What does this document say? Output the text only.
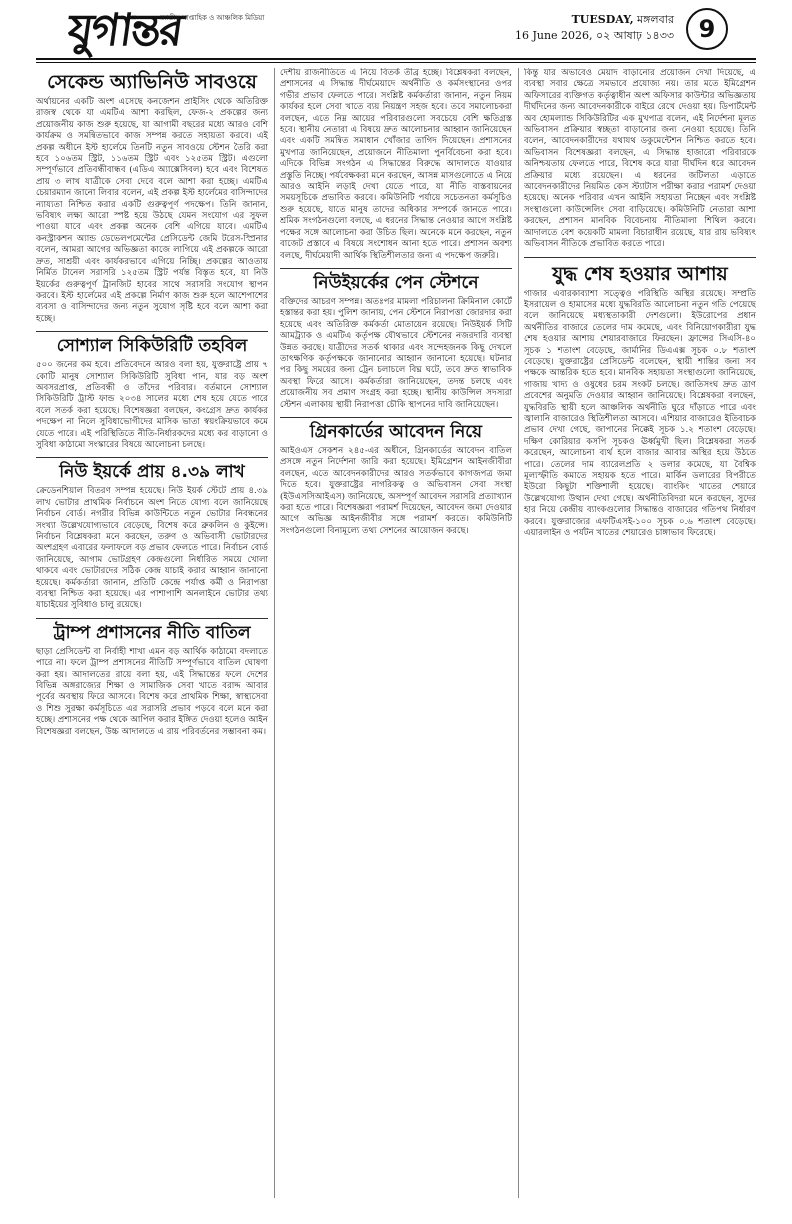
যুগান্তর
জাতীয় সাপ্তাহিক ও আঞ্চলিক মিডিয়া	TUESDAY, মঙ্গলবার
16 June 2026, ০২ আষাঢ় ১৪৩৩	9
সেকেন্ড অ্যাভিনিউ সাবওয়ে

অর্থায়নের একটি অংশ এসেছে কনজেশন প্রাইসিং থেকে অতিরিক্ত রাজস্ব থেকে যা এমটিএ আশা করছিল, ফেজ-২ প্রকল্পের জন্য প্রয়োজনীয় কাজ শুরু হয়েছে, যা আগামী বছরের মধ্যে আরও বেশি কার্যক্রম ও সমন্বিতভাবে কাজ সম্পন্ন করতে সহায়তা করবে। এই প্রকল্প অধীনে ইস্ট হার্লেমে তিনটি নতুন সাবওয়ে স্টেশন তৈরি করা হবে ১০৬তম স্ট্রিট, ১১৬তম স্ট্রিট এবং ১২৫তম স্ট্রিট। এগুলো সম্পূর্ণভাবে প্রতিবন্ধীবান্ধব (এডিএ অ্যাক্সেসিবল) হবে এবং বিশেষত প্রায় ৩ লাখ যাত্রীকে সেবা দেবে বলে আশা করা হচ্ছে। এমটিএ চেয়ারম্যান জানো লিবার বলেন, এই প্রকল্প ইস্ট হার্লেমের বাসিন্দাদের ন্যায্যতা নিশ্চিত করার একটি গুরুত্বপূর্ণ পদক্ষেপ। তিনি জানান, ভবিষ্যৎ লক্ষ্য আরো স্পষ্ট হয়ে উঠছে যেমন সংযোগ এর সুফল পাওয়া যাবে এবং প্রকল্প অনেক বেশি এগিয়ে যাবে। এমটিএ কনস্ট্রাকশন অ্যান্ড ডেভেলপমেন্টের প্রেসিডেন্ট জেমি টরেস-স্প্রিনার বলেন, আমরা আগের অভিজ্ঞতা কাজে লাগিয়ে এই প্রকল্পকে আরো দ্রুত, সাশ্রয়ী এবং কার্যকরভাবে এগিয়ে নিচ্ছি। প্রকল্পের আওতায় নির্মিত টানেল সরাসরি ১২৫তম স্ট্রিট পর্যন্ত বিস্তৃত হবে, যা নিউ ইয়র্কের গুরুত্বপূর্ণ ট্রানজিট হাবের সাথে সরাসরি সংযোগ স্থাপন করবে। ইস্ট হার্লেমের এই প্রকল্পে নির্মাণ কাজ শুরু হলে আশেপাশের ব্যবসা ও বাসিন্দাদের জন্য নতুন সুযোগ সৃষ্টি হবে বলে আশা করা হচ্ছে।

সোশ্যাল সিকিউরিটি তহবিল

৫০০ জনের কম হবে। প্রতিবেদনে আরও বলা হয়, যুক্তরাষ্ট্রে প্রায় ৭ কোটি মানুষ সোশ্যাল সিকিউরিটি সুবিধা পান, যার বড় অংশ অবসরপ্রাপ্ত, প্রতিবন্ধী ও তাঁদের পরিবার। বর্তমানে সোশ্যাল সিকিউরিটি ট্রাস্ট ফান্ড ২০৩৪ সালের মধ্যে শেষ হয়ে যেতে পারে বলে সতর্ক করা হয়েছে। বিশেষজ্ঞরা বলছেন, কংগ্রেস দ্রুত কার্যকর পদক্ষেপ না নিলে সুবিধাভোগীদের মাসিক ভাতা স্বয়ংক্রিয়ভাবে কমে যেতে পারে। এই পরিস্থিতিতে নীতি-নির্ধারকদের মধ্যে কর বাড়ানো ও সুবিধা কাঠামো সংস্কারের বিষয়ে আলোচনা চলছে।

নিউ ইয়র্কে প্রায় ৪.৩৯ লাখ

ক্রেডেনশিয়াল বিতরণ সম্পন্ন হয়েছে। নিউ ইয়র্ক স্টেটে প্রায় ৪.৩৯ লাখ ভোটার প্রাথমিক নির্বাচনে অংশ নিতে যোগ্য বলে জানিয়েছে নির্বাচন বোর্ড। নগরীর বিভিন্ন কাউন্টিতে নতুন ভোটার নিবন্ধনের সংখ্যা উল্লেখযোগ্যভাবে বেড়েছে, বিশেষ করে ব্রুকলিন ও কুইন্সে। নির্বাচন বিশ্লেষকরা মনে করছেন, তরুণ ও অভিবাসী ভোটারদের অংশগ্রহণ এবারের ফলাফলে বড় প্রভাব ফেলতে পারে। নির্বাচন বোর্ড জানিয়েছে, আগাম ভোটগ্রহণ কেন্দ্রগুলো নির্ধারিত সময়ে খোলা থাকবে এবং ভোটারদের সঠিক কেন্দ্র যাচাই করার আহ্বান জানানো হয়েছে। কর্মকর্তারা জানান, প্রতিটি কেন্দ্রে পর্যাপ্ত কর্মী ও নিরাপত্তা ব্যবস্থা নিশ্চিত করা হয়েছে। এর পাশাপাশি অনলাইনে ভোটার তথ্য যাচাইয়ের সুবিধাও চালু রয়েছে।

ট্রাম্প প্রশাসনের নীতি বাতিল

ছাড়া প্রেসিডেন্ট বা নির্বাহী শাখা এমন বড় আর্থিক কাঠামো বদলাতে পারে না। ফলে ট্রাম্প প্রশাসনের নীতিটি সম্পূর্ণভাবে বাতিল ঘোষণা করা হয়। আদালতের রায়ে বলা হয়, এই সিদ্ধান্তের ফলে দেশের বিভিন্ন অঙ্গরাজ্যের শিক্ষা ও সামাজিক সেবা খাতে বরাদ্দ আবার পূর্বের অবস্থায় ফিরে আসবে। বিশেষ করে প্রাথমিক শিক্ষা, স্বাস্থ্যসেবা ও শিশু সুরক্ষা কর্মসূচিতে এর সরাসরি প্রভাব পড়বে বলে মনে করা হচ্ছে। প্রশাসনের পক্ষ থেকে আপিল করার ইঙ্গিত দেওয়া হলেও আইন বিশেষজ্ঞরা বলছেন, উচ্চ আদালতে এ রায় পরিবর্তনের সম্ভাবনা কম।

দেশীয় রাজনীতিতে এ নিয়ে বিতর্ক তীব্র হচ্ছে। বিশ্লেষকরা বলছেন, প্রশাসনের এ সিদ্ধান্ত দীর্ঘমেয়াদে অর্থনীতি ও কর্মসংস্থানের ওপর গভীর প্রভাব ফেলতে পারে। সংশ্লিষ্ট কর্মকর্তারা জানান, নতুন নিয়ম কার্যকর হলে সেবা খাতে ব্যয় নিয়ন্ত্রণ সহজ হবে। তবে সমালোচকরা বলছেন, এতে নিম্ন আয়ের পরিবারগুলো সবচেয়ে বেশি ক্ষতিগ্রস্ত হবে। স্থানীয় নেতারা এ বিষয়ে দ্রুত আলোচনার আহ্বান জানিয়েছেন এবং একটি সমন্বিত সমাধান খোঁজার তাগিদ দিয়েছেন। প্রশাসনের মুখপাত্র জানিয়েছেন, প্রয়োজনে নীতিমালা পুনর্বিবেচনা করা হবে। এদিকে বিভিন্ন সংগঠন এ সিদ্ধান্তের বিরুদ্ধে আদালতে যাওয়ার প্রস্তুতি নিচ্ছে। পর্যবেক্ষকরা মনে করছেন, আসন্ন মাসগুলোতে এ নিয়ে আরও আইনি লড়াই দেখা যেতে পারে, যা নীতি বাস্তবায়নের সময়সূচিকে প্রভাবিত করবে। কমিউনিটি পর্যায়ে সচেতনতা কর্মসূচিও শুরু হয়েছে, যাতে মানুষ তাদের অধিকার সম্পর্কে জানতে পারে। শ্রমিক সংগঠনগুলো বলছে, এ ধরনের সিদ্ধান্ত নেওয়ার আগে সংশ্লিষ্ট পক্ষের সঙ্গে আলোচনা করা উচিত ছিল। অনেকে মনে করছেন, নতুন বাজেট প্রস্তাবে এ বিষয়ে সংশোধন আনা হতে পারে। প্রশাসন অবশ্য বলছে, দীর্ঘমেয়াদী আর্থিক স্থিতিশীলতার জন্য এ পদক্ষেপ জরুরি।

নিউইয়র্কের পেন স্টেশনে

বক্তিদের আচরণ সম্পন্ন। অতঃপর মামলা পরিচালনা ক্রিমিনাল কোর্টে হস্তান্তর করা হয়। পুলিশ জানায়, পেন স্টেশনে নিরাপত্তা জোরদার করা হয়েছে এবং অতিরিক্ত কর্মকর্তা মোতায়েন রয়েছে। নিউইয়র্ক সিটি আমট্র্যাক ও এমটিএ কর্তৃপক্ষ যৌথভাবে স্টেশনের নজরদারি ব্যবস্থা উন্নত করছে। যাত্রীদের সতর্ক থাকার এবং সন্দেহজনক কিছু দেখলে তাৎক্ষণিক কর্তৃপক্ষকে জানানোর আহ্বান জানানো হয়েছে। ঘটনার পর কিছু সময়ের জন্য ট্রেন চলাচলে বিঘ্ন ঘটে, তবে দ্রুত স্বাভাবিক অবস্থা ফিরে আসে। কর্মকর্তারা জানিয়েছেন, তদন্ত চলছে এবং প্রয়োজনীয় সব প্রমাণ সংগ্রহ করা হচ্ছে। স্থানীয় কাউন্সিল সদস্যরা স্টেশন এলাকায় স্থায়ী নিরাপত্তা চৌকি স্থাপনের দাবি জানিয়েছেন।

গ্রিনকার্ডের আবেদন নিয়ে

আইওএস সেকশন ২৪৫-এর অধীনে, গ্রিনকার্ডের আবেদন বাতিল প্রসঙ্গে নতুন নির্দেশনা জারি করা হয়েছে। ইমিগ্রেশন আইনজীবীরা বলছেন, এতে আবেদনকারীদের আরও সতর্কভাবে কাগজপত্র জমা দিতে হবে। যুক্তরাষ্ট্রের নাগরিকত্ব ও অভিবাসন সেবা সংস্থা (ইউএসসিআইএস) জানিয়েছে, অসম্পূর্ণ আবেদন সরাসরি প্রত্যাখ্যান করা হতে পারে। বিশেষজ্ঞরা পরামর্শ দিয়েছেন, আবেদন জমা দেওয়ার আগে অভিজ্ঞ আইনজীবীর সঙ্গে পরামর্শ করতে। কমিউনিটি সংগঠনগুলো বিনামূল্যে তথ্য সেশনের আয়োজন করছে।

কিন্তু যার অভাবেও মেয়াদ বাড়ানোর প্রয়োজন দেখা দিয়েছে, এ ব্যবস্থা সবার ক্ষেত্রে সমভাবে প্রযোজ্য নয়। তার মতে ইমিগ্রেশন অফিসারের ব্যক্তিগত কর্তৃত্বাধীন অংশ অফিসার কাউন্টার অভিজ্ঞতায় দীর্ঘদিনের জন্য আবেদনকারীকে বাইরে রেখে দেওয়া হয়। ডিপার্টমেন্ট অব হোমল্যান্ড সিকিউরিটির এক মুখপাত্র বলেন, এই নির্দেশনা মূলত অভিবাসন প্রক্রিয়ার স্বচ্ছতা বাড়ানোর জন্য নেওয়া হয়েছে। তিনি বলেন, আবেদনকারীদের যথাযথ ডকুমেন্টেশন নিশ্চিত করতে হবে। অভিবাসন বিশেষজ্ঞরা বলছেন, এ সিদ্ধান্ত হাজারো পরিবারকে অনিশ্চয়তায় ফেলতে পারে, বিশেষ করে যারা দীর্ঘদিন ধরে আবেদন প্রক্রিয়ার মধ্যে রয়েছেন। এ ধরনের জটিলতা এড়াতে আবেদনকারীদের নিয়মিত কেস স্ট্যাটাস পরীক্ষা করার পরামর্শ দেওয়া হয়েছে। অনেক পরিবার এখন আইনি সহায়তা নিচ্ছেন এবং সংশ্লিষ্ট সংস্থাগুলো কাউন্সেলিং সেবা বাড়িয়েছে। কমিউনিটি নেতারা আশা করছেন, প্রশাসন মানবিক বিবেচনায় নীতিমালা শিথিল করবে। আদালতে বেশ কয়েকটি মামলা বিচারাধীন রয়েছে, যার রায় ভবিষ্যৎ অভিবাসন নীতিকে প্রভাবিত করতে পারে।

যুদ্ধ শেষ হওয়ার আশায়

গাজার এবারকাব্যাশা সত্ত্বেও পরিস্থিতি অস্থির রয়েছে। সম্প্রতি ইসরায়েল ও হামাসের মধ্যে যুদ্ধবিরতি আলোচনা নতুন গতি পেয়েছে বলে জানিয়েছে মধ্যস্থতাকারী দেশগুলো। ইউরোপের প্রধান অর্থনীতির বাজারে তেলের দাম কমেছে, এবং বিনিয়োগকারীরা যুদ্ধ শেষ হওয়ার আশায় শেয়ারবাজারে ফিরছেন। ফ্রান্সের সিএসি-৪০ সূচক ১ শতাংশ বেড়েছে, জার্মানির ডিএএক্স সূচক ০.৮ শতাংশ বেড়েছে। যুক্তরাষ্ট্রের প্রেসিডেন্ট বলেছেন, স্থায়ী শান্তির জন্য সব পক্ষকে আন্তরিক হতে হবে। মানবিক সহায়তা সংস্থাগুলো জানিয়েছে, গাজায় খাদ্য ও ওষুধের চরম সংকট চলছে। জাতিসংঘ দ্রুত ত্রাণ প্রবেশের অনুমতি দেওয়ার আহ্বান জানিয়েছে। বিশ্লেষকরা বলছেন, যুদ্ধবিরতি স্থায়ী হলে আঞ্চলিক অর্থনীতি ঘুরে দাঁড়াতে পারে এবং জ্বালানি বাজারেও স্থিতিশীলতা আসবে। এশিয়ার বাজারেও ইতিবাচক প্রভাব দেখা গেছে, জাপানের নিক্কেই সূচক ১.২ শতাংশ বেড়েছে। দক্ষিণ কোরিয়ার কসপি সূচকও ঊর্ধ্বমুখী ছিল। বিশ্লেষকরা সতর্ক করেছেন, আলোচনা ব্যর্থ হলে বাজার আবার অস্থির হয়ে উঠতে পারে। তেলের দাম ব্যারেলপ্রতি ২ ডলার কমেছে, যা বৈশ্বিক মূল্যস্ফীতি কমাতে সহায়ক হতে পারে। মার্কিন ডলারের বিপরীতে ইউরো কিছুটা শক্তিশালী হয়েছে। ব্যাংকিং খাতের শেয়ারে উল্লেখযোগ্য উত্থান দেখা গেছে। অর্থনীতিবিদরা মনে করছেন, সুদের হার নিয়ে কেন্দ্রীয় ব্যাংকগুলোর সিদ্ধান্তও বাজারের গতিপথ নির্ধারণ করবে। যুক্তরাজ্যের এফটিএসই-১০০ সূচক ০.৬ শতাংশ বেড়েছে। এয়ারলাইন ও পর্যটন খাতের শেয়ারেও চাঙ্গাভাব ফিরেছে।
